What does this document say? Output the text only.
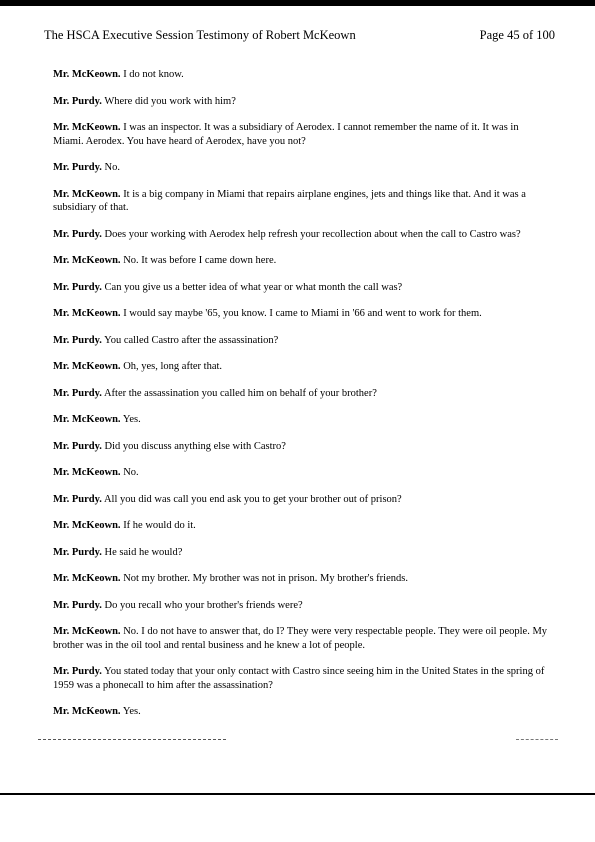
The HSCA Executive Session Testimony of Robert McKeown	Page 45 of 100

Mr. McKeown. I do not know.

Mr. Purdy. Where did you work with him?

Mr. McKeown. I was an inspector. It was a subsidiary of Aerodex. I cannot remember the name of it. It was in Miami. Aerodex. You have heard of Aerodex, have you not?

Mr. Purdy. No.

Mr. McKeown. It is a big company in Miami that repairs airplane engines, jets and things like that. And it was a subsidiary of that.

Mr. Purdy. Does your working with Aerodex help refresh your recollection about when the call to Castro was?

Mr. McKeown. No. It was before I came down here.

Mr. Purdy. Can you give us a better idea of what year or what month the call was?

Mr. McKeown. I would say maybe '65, you know. I came to Miami in '66 and went to work for them.

Mr. Purdy. You called Castro after the assassination?

Mr. McKeown. Oh, yes, long after that.

Mr. Purdy. After the assassination you called him on behalf of your brother?

Mr. McKeown. Yes.

Mr. Purdy. Did you discuss anything else with Castro?

Mr. McKeown. No.

Mr. Purdy. All you did was call you end ask you to get your brother out of prison?

Mr. McKeown. If he would do it.

Mr. Purdy. He said he would?

Mr. McKeown. Not my brother. My brother was not in prison. My brother's friends.

Mr. Purdy. Do you recall who your brother's friends were?

Mr. McKeown. No. I do not have to answer that, do I? They were very respectable people. They were oil people. My brother was in the oil tool and rental business and he knew a lot of people.

Mr. Purdy. You stated today that your only contact with Castro since seeing him in the United States in the spring of 1959 was a phonecall to him after the assassination?

Mr. McKeown. Yes.
